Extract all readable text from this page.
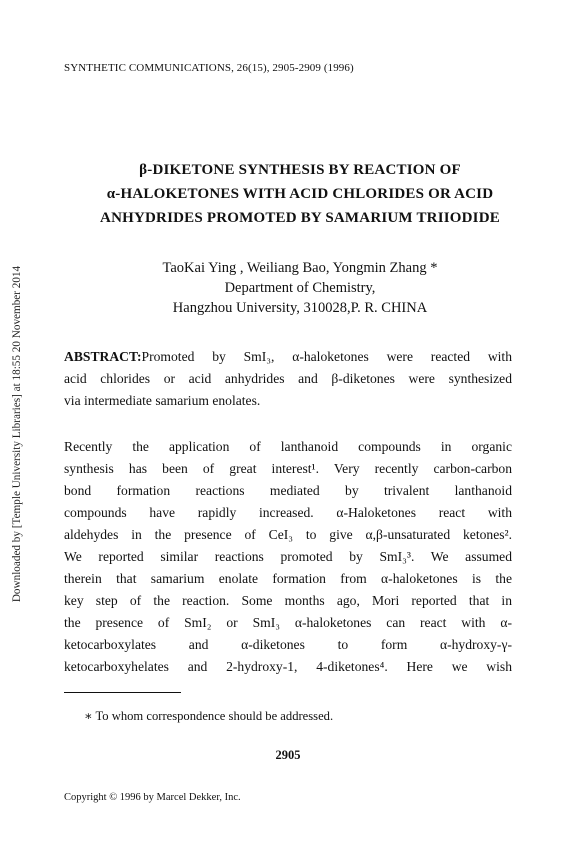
SYNTHETIC COMMUNICATIONS, 26(15), 2905-2909 (1996)
Downloaded by [Temple University Libraries] at 18:55 20 November 2014
β-DIKETONE SYNTHESIS BY REACTION OF
α-HALOKETONES WITH ACID CHLORIDES OR ACID
ANHYDRIDES PROMOTED BY SAMARIUM TRIIODIDE
TaoKai Ying , Weiliang Bao, Yongmin Zhang *
Department of Chemistry,
Hangzhou University, 310028,P. R. CHINA
ABSTRACT:Promoted by SmI₃, α-haloketones were reacted with
acid chlorides or acid anhydrides and β-diketones were synthesized
via intermediate samarium enolates.
Recently the application of lanthanoid compounds in organic
synthesis has been of great interest¹. Very recently carbon-carbon
bond formation reactions mediated by trivalent lanthanoid
compounds have rapidly increased. α-Haloketones react with
aldehydes in the presence of CeI₃ to give α,β-unsaturated ketones².
We reported similar reactions promoted by SmI₃³. We assumed
therein that samarium enolate formation from α-haloketones is the
key step of the reaction. Some months ago, Mori reported that in
the presence of SmI₂ or SmI₃ α-haloketones can react with α-
ketocarboxylates and α-diketones to form α-hydroxy-γ-
ketocarboxyhelates and 2-hydroxy-1, 4-diketones⁴. Here we wish
∗ To whom correspondence should be addressed.
2905
Copyright © 1996 by Marcel Dekker, Inc.
